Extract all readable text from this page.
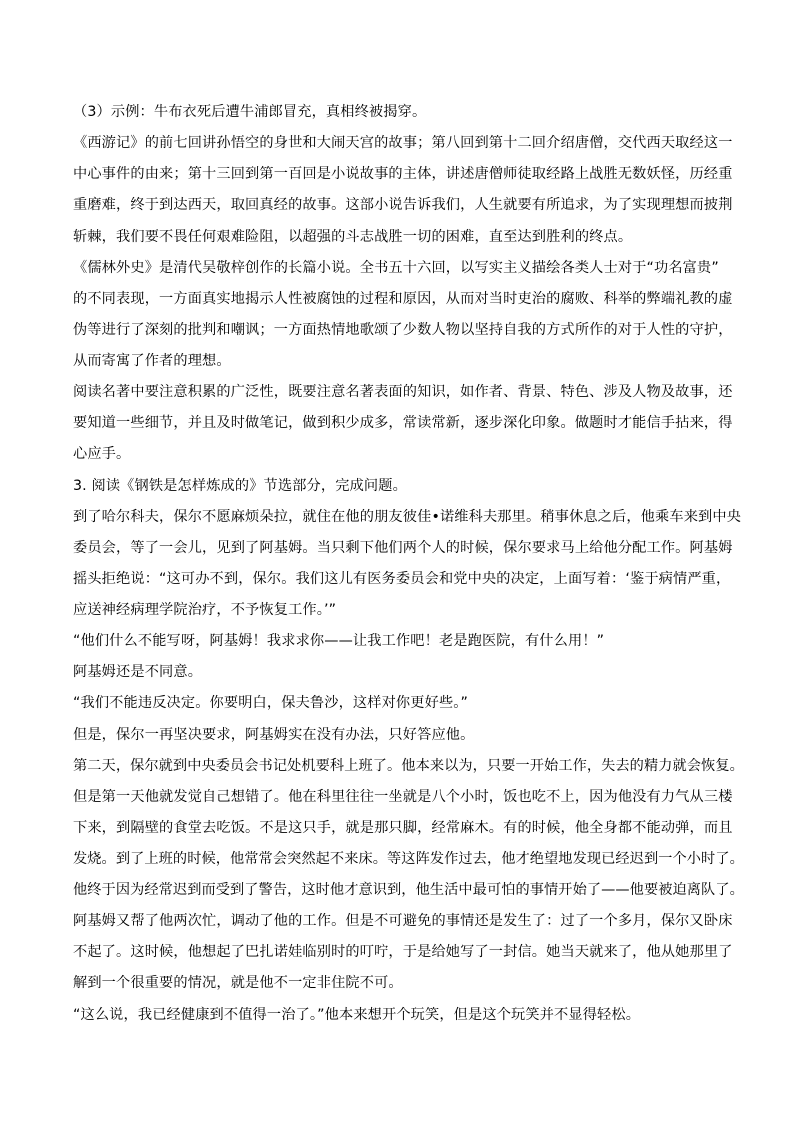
（3）示例：牛布衣死后遭牛浦郎冒充，真相终被揭穿。

《西游记》的前七回讲孙悟空的身世和大闹天宫的故事；第八回到第十二回介绍唐僧，交代西天取经这一

中心事件的由来；第十三回到第一百回是小说故事的主体，讲述唐僧师徒取经路上战胜无数妖怪，历经重

重磨难，终于到达西天，取回真经的故事。这部小说告诉我们，人生就要有所追求，为了实现理想而披荆

斩棘，我们要不畏任何艰难险阻，以超强的斗志战胜一切的困难，直至达到胜利的终点。

《儒林外史》是清代吴敬梓创作的长篇小说。全书五十六回，以写实主义描绘各类人士对于“功名富贵”

的不同表现，一方面真实地揭示人性被腐蚀的过程和原因，从而对当时吏治的腐败、科举的弊端礼教的虚

伪等进行了深刻的批判和嘲讽；一方面热情地歌颂了少数人物以坚持自我的方式所作的对于人性的守护，

从而寄寓了作者的理想。

阅读名著中要注意积累的广泛性，既要注意名著表面的知识，如作者、背景、特色、涉及人物及故事，还

要知道一些细节，并且及时做笔记，做到积少成多，常读常新，逐步深化印象。做题时才能信手拈来，得

心应手。

3. 阅读《钢铁是怎样炼成的》节选部分，完成问题。

到了哈尔科夫，保尔不愿麻烦朵拉，就住在他的朋友彼佳•诺维科夫那里。稍事休息之后，他乘车来到中央

委员会，等了一会儿，见到了阿基姆。当只剩下他们两个人的时候，保尔要求马上给他分配工作。阿基姆

摇头拒绝说：“这可办不到，保尔。我们这儿有医务委员会和党中央的决定，上面写着：‘鉴于病情严重，

应送神经病理学院治疗，不予恢复工作。’”

“他们什么不能写呀，阿基姆！我求求你——让我工作吧！老是跑医院，有什么用！”

阿基姆还是不同意。

“我们不能违反决定。你要明白，保夫鲁沙，这样对你更好些。”

但是，保尔一再坚决要求，阿基姆实在没有办法，只好答应他。

第二天，保尔就到中央委员会书记处机要科上班了。他本来以为，只要一开始工作，失去的精力就会恢复。

但是第一天他就发觉自己想错了。他在科里往往一坐就是八个小时，饭也吃不上，因为他没有力气从三楼

下来，到隔壁的食堂去吃饭。不是这只手，就是那只脚，经常麻木。有的时候，他全身都不能动弹，而且

发烧。到了上班的时候，他常常会突然起不来床。等这阵发作过去，他才绝望地发现已经迟到一个小时了。

他终于因为经常迟到而受到了警告，这时他才意识到，他生活中最可怕的事情开始了——他要被迫离队了。

阿基姆又帮了他两次忙，调动了他的工作。但是不可避免的事情还是发生了：过了一个多月，保尔又卧床

不起了。这时候，他想起了巴扎诺娃临别时的叮咛，于是给她写了一封信。她当天就来了，他从她那里了

解到一个很重要的情况，就是他不一定非住院不可。

“这么说，我已经健康到不值得一治了。”他本来想开个玩笑，但是这个玩笑并不显得轻松。
